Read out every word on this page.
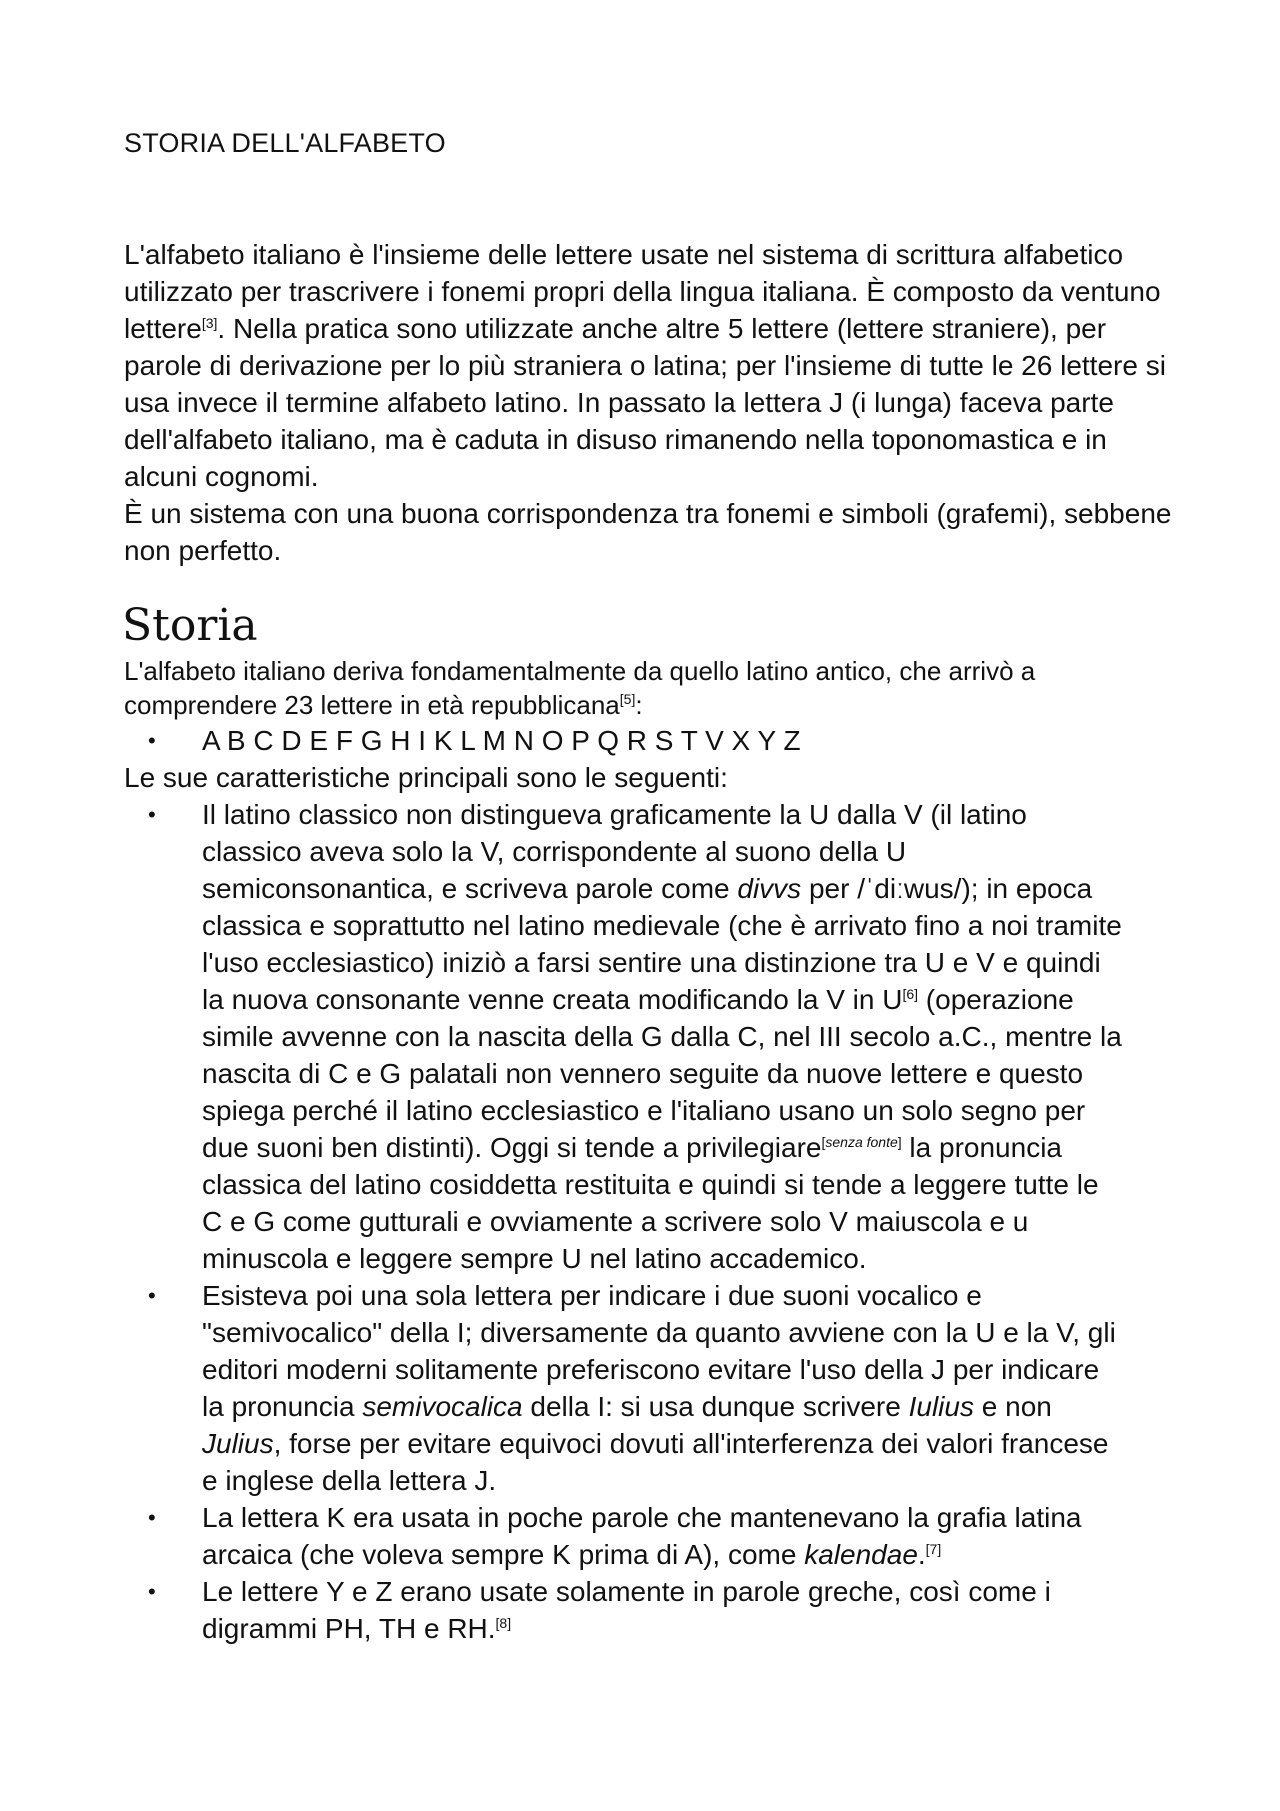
STORIA DELL'ALFABETO

L'alfabeto italiano è l'insieme delle lettere usate nel sistema di scrittura alfabetico utilizzato per trascrivere i fonemi propri della lingua italiana. È composto da ventuno lettere[3]. Nella pratica sono utilizzate anche altre 5 lettere (lettere straniere), per parole di derivazione per lo più straniera o latina; per l'insieme di tutte le 26 lettere si usa invece il termine alfabeto latino. In passato la lettera J (i lunga) faceva parte dell'alfabeto italiano, ma è caduta in disuso rimanendo nella toponomastica e in alcuni cognomi.

È un sistema con una buona corrispondenza tra fonemi e simboli (grafemi), sebbene non perfetto.

Storia

L'alfabeto italiano deriva fondamentalmente da quello latino antico, che arrivò a comprendere 23 lettere in età repubblicana[5]:

• A B C D E F G H I K L M N O P Q R S T V X Y Z

Le sue caratteristiche principali sono le seguenti:

• Il latino classico non distingueva graficamente la U dalla V (il latino classico aveva solo la V, corrispondente al suono della U semiconsonantica, e scriveva parole come divvs per /ˈdiːwus/); in epoca classica e soprattutto nel latino medievale (che è arrivato fino a noi tramite l'uso ecclesiastico) iniziò a farsi sentire una distinzione tra U e V e quindi la nuova consonante venne creata modificando la V in U[6] (operazione simile avvenne con la nascita della G dalla C, nel III secolo a.C., mentre la nascita di C e G palatali non vennero seguite da nuove lettere e questo spiega perché il latino ecclesiastico e l'italiano usano un solo segno per due suoni ben distinti). Oggi si tende a privilegiare[senza fonte] la pronuncia classica del latino cosiddetta restituita e quindi si tende a leggere tutte le C e G come gutturali e ovviamente a scrivere solo V maiuscola e u minuscola e leggere sempre U nel latino accademico.
• Esisteva poi una sola lettera per indicare i due suoni vocalico e "semivocalico" della I; diversamente da quanto avviene con la U e la V, gli editori moderni solitamente preferiscono evitare l'uso della J per indicare la pronuncia semivocalica della I: si usa dunque scrivere Iulius e non Julius, forse per evitare equivoci dovuti all'interferenza dei valori francese e inglese della lettera J.
• La lettera K era usata in poche parole che mantenevano la grafia latina arcaica (che voleva sempre K prima di A), come kalendae.[7]
• Le lettere Y e Z erano usate solamente in parole greche, così come i digrammi PH, TH e RH.[8]
